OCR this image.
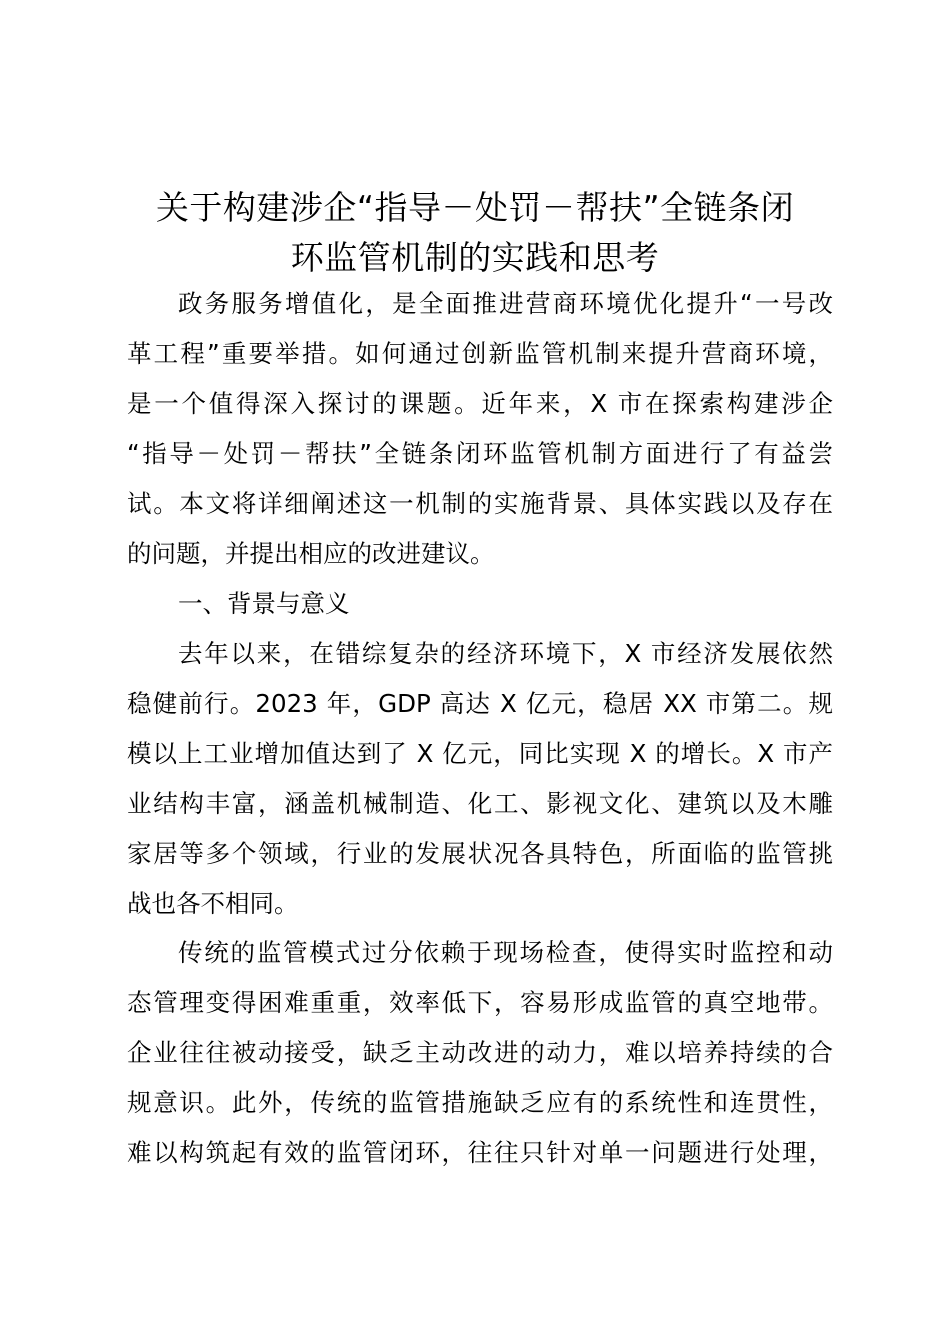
关于构建涉企“指导－处罚－帮扶”全链条闭
环监管机制的实践和思考
政务服务增值化，是全面推进营商环境优化提升“一号改
革工程”重要举措。如何通过创新监管机制来提升营商环境，
是一个值得深入探讨的课题。近年来，X 市在探索构建涉企
“指导－处罚－帮扶”全链条闭环监管机制方面进行了有益尝
试。本文将详细阐述这一机制的实施背景、具体实践以及存在
的问题，并提出相应的改进建议。
一、背景与意义
去年以来，在错综复杂的经济环境下，X 市经济发展依然
稳健前行。2023 年，GDP 高达 X 亿元，稳居 XX 市第二。规
模以上工业增加值达到了 X 亿元，同比实现 X 的增长。X 市产
业结构丰富，涵盖机械制造、化工、影视文化、建筑以及木雕
家居等多个领域，行业的发展状况各具特色，所面临的监管挑
战也各不相同。
传统的监管模式过分依赖于现场检查，使得实时监控和动
态管理变得困难重重，效率低下，容易形成监管的真空地带。
企业往往被动接受，缺乏主动改进的动力，难以培养持续的合
规意识。此外，传统的监管措施缺乏应有的系统性和连贯性，
难以构筑起有效的监管闭环，往往只针对单一问题进行处理，
